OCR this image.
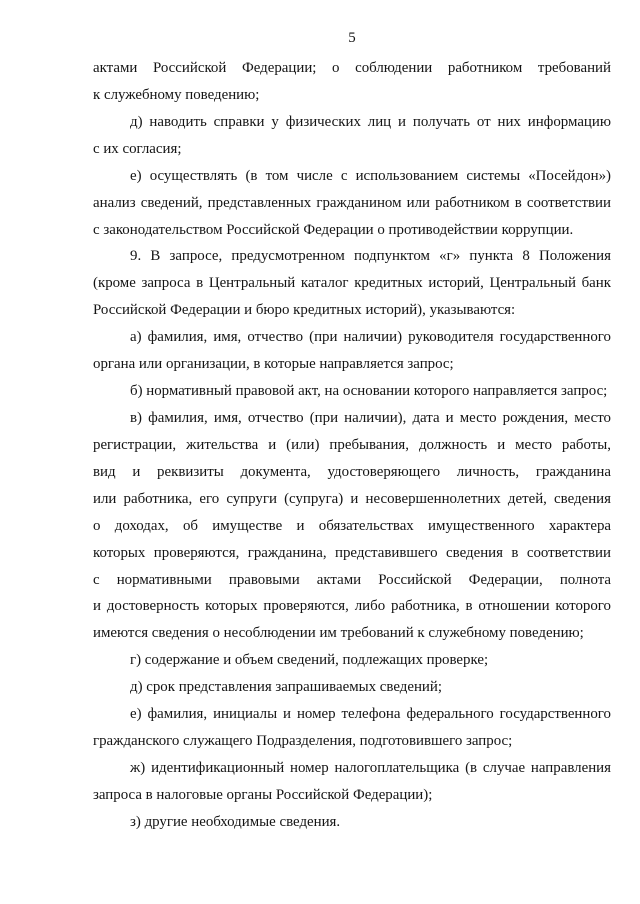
5
актами Российской Федерации; о соблюдении работником требований
к служебному поведению;
д) наводить справки у физических лиц и получать от них информацию
с их согласия;
е) осуществлять (в том числе с использованием системы «Посейдон»)
анализ сведений, представленных гражданином или работником в соответствии
с законодательством Российской Федерации о противодействии коррупции.
9. В запросе, предусмотренном подпунктом «г» пункта 8 Положения
(кроме запроса в Центральный каталог кредитных историй, Центральный банк
Российской Федерации и бюро кредитных историй), указываются:
а) фамилия, имя, отчество (при наличии) руководителя государственного
органа или организации, в которые направляется запрос;
б) нормативный правовой акт, на основании которого направляется запрос;
в) фамилия, имя, отчество (при наличии), дата и место рождения, место
регистрации, жительства и (или) пребывания, должность и место работы,
вид и реквизиты документа, удостоверяющего личность, гражданина
или работника, его супруги (супруга) и несовершеннолетних детей, сведения
о доходах, об имуществе и обязательствах имущественного характера
которых проверяются, гражданина, представившего сведения в соответствии
с нормативными правовыми актами Российской Федерации, полнота
и достоверность которых проверяются, либо работника, в отношении которого
имеются сведения о несоблюдении им требований к служебному поведению;
г) содержание и объем сведений, подлежащих проверке;
д) срок представления запрашиваемых сведений;
е) фамилия, инициалы и номер телефона федерального государственного
гражданского служащего Подразделения, подготовившего запрос;
ж) идентификационный номер налогоплательщика (в случае направления
запроса в налоговые органы Российской Федерации);
з) другие необходимые сведения.
